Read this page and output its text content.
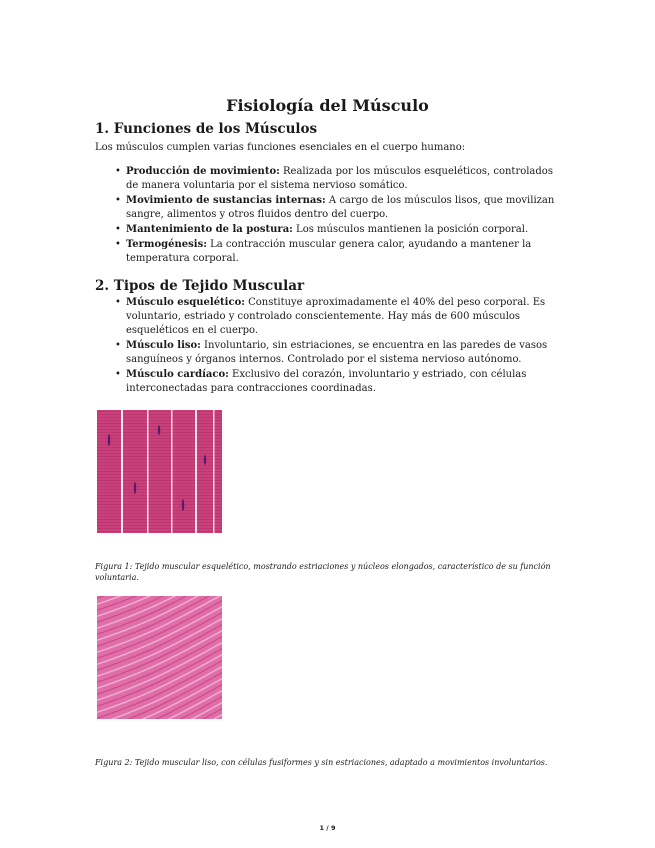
Fisiología del Músculo
1. Funciones de los Músculos

Los músculos cumplen varias funciones esenciales en el cuerpo humano:

• Producción de movimiento: Realizada por los músculos esqueléticos, controlados de manera voluntaria por el sistema nervioso somático.
• Movimiento de sustancias internas: A cargo de los músculos lisos, que movilizan sangre, alimentos y otros fluidos dentro del cuerpo.
• Mantenimiento de la postura: Los músculos mantienen la posición corporal.
• Termogénesis: La contracción muscular genera calor, ayudando a mantener la temperatura corporal.
2. Tipos de Tejido Muscular
• Músculo esquelético: Constituye aproximadamente el 40% del peso corporal. Es voluntario, estriado y controlado conscientemente. Hay más de 600 músculos esqueléticos en el cuerpo.
• Músculo liso: Involuntario, sin estriaciones, se encuentra en las paredes de vasos sanguíneos y órganos internos. Controlado por el sistema nervioso autónomo.
• Músculo cardíaco: Exclusivo del corazón, involuntario y estriado, con células interconectadas para contracciones coordinadas.

Figura 1: Tejido muscular esquelético, mostrando estriaciones y núcleos elongados, característico de su función voluntaria.

Figura 2: Tejido muscular liso, con células fusiformes y sin estriaciones, adaptado a movimientos involuntarios.

1 / 9
